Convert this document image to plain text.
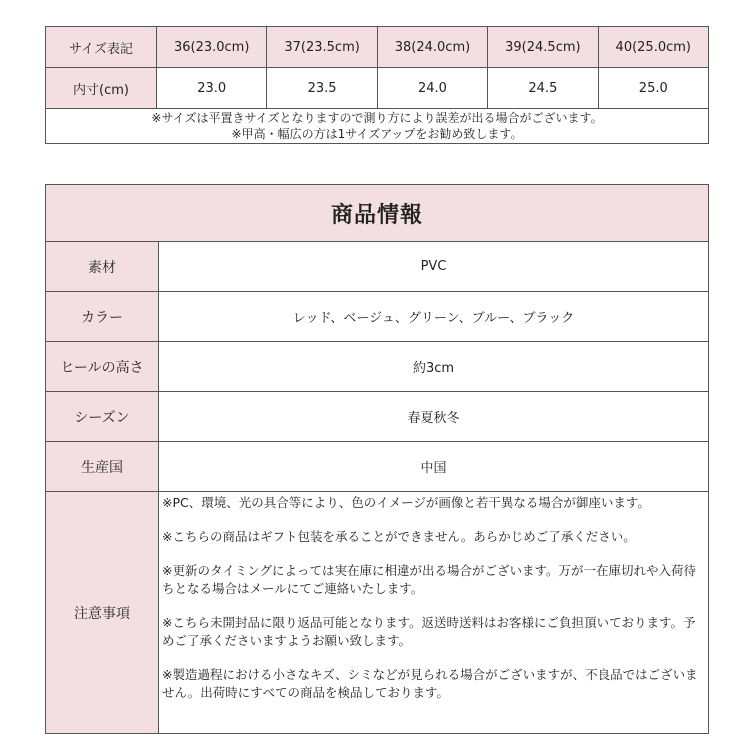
サイズ表記	36(23.0cm)	37(23.5cm)	38(24.0cm)	39(24.5cm)	40(25.0cm)
内寸(cm)	23.0	23.5	24.0	24.5	25.0

※サイズは平置きサイズとなりますので測り方により誤差が出る場合がございます。
※甲高・幅広の方は1サイズアップをお勧め致します。					
商品情報	
素材	PVC
カラー	レッド、ベージュ、グリーン、ブルー、ブラック
ヒールの高さ	約3cm
シーズン	春夏秋冬
生産国	中国
注意事項	※PC、環境、光の具合等により、色のイメージが画像と若干異なる場合が御座います。

※こちらの商品はギフト包装を承ることができません。あらかじめご了承ください。

※更新のタイミングによっては実在庫に相違が出る場合がございます。万が一在庫切れや入荷待ちとなる場合はメールにてご連絡いたします。

※こちら未開封品に限り返品可能となります。返送時送料はお客様にご負担頂いております。予めご了承くださいますようお願い致します。

※製造過程における小さなキズ、シミなどが見られる場合がございますが、不良品ではございません。出荷時にすべての商品を検品しております。
